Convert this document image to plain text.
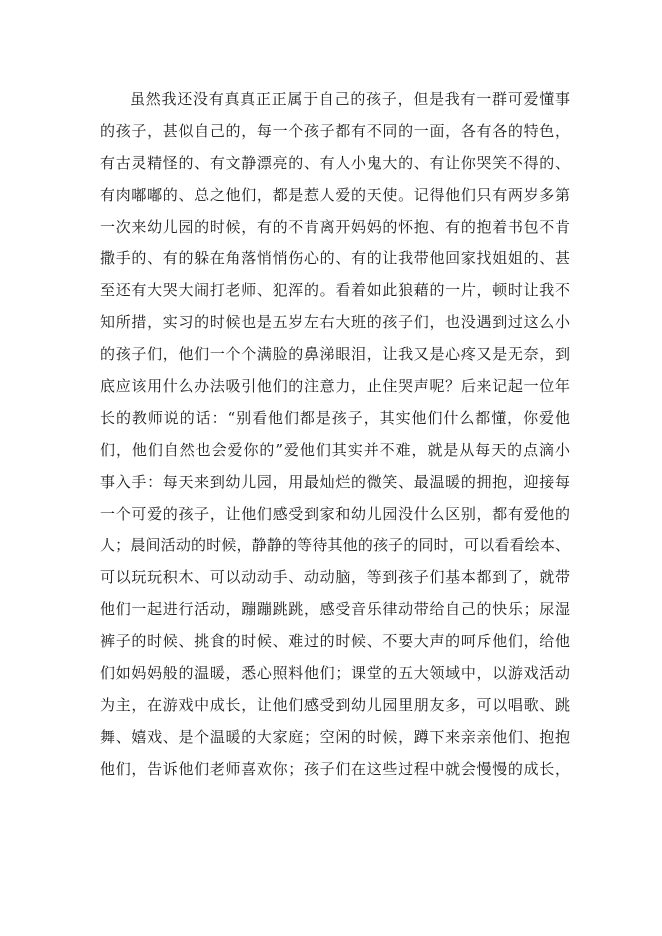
虽然我还没有真真正正属于自己的孩子，但是我有一群可爱懂事
的孩子，甚似自己的，每一个孩子都有不同的一面，各有各的特色，
有古灵精怪的、有文静漂亮的、有人小鬼大的、有让你哭笑不得的、
有肉嘟嘟的、总之他们，都是惹人爱的天使。记得他们只有两岁多第
一次来幼儿园的时候，有的不肯离开妈妈的怀抱、有的抱着书包不肯
撒手的、有的躲在角落悄悄伤心的、有的让我带他回家找姐姐的、甚
至还有大哭大闹打老师、犯浑的。看着如此狼藉的一片，顿时让我不
知所措，实习的时候也是五岁左右大班的孩子们，也没遇到过这么小
的孩子们，他们一个个满脸的鼻涕眼泪，让我又是心疼又是无奈，到
底应该用什么办法吸引他们的注意力，止住哭声呢？后来记起一位年
长的教师说的话：“别看他们都是孩子，其实他们什么都懂，你爱他
们，他们自然也会爱你的”爱他们其实并不难，就是从每天的点滴小
事入手：每天来到幼儿园，用最灿烂的微笑、最温暖的拥抱，迎接每
一个可爱的孩子，让他们感受到家和幼儿园没什么区别，都有爱他的
人；晨间活动的时候，静静的等待其他的孩子的同时，可以看看绘本、
可以玩玩积木、可以动动手、动动脑，等到孩子们基本都到了，就带
他们一起进行活动，蹦蹦跳跳，感受音乐律动带给自己的快乐；尿湿
裤子的时候、挑食的时候、难过的时候、不要大声的呵斥他们，给他
们如妈妈般的温暖，悉心照料他们；课堂的五大领域中，以游戏活动
为主，在游戏中成长，让他们感受到幼儿园里朋友多，可以唱歌、跳
舞、嬉戏、是个温暖的大家庭；空闲的时候，蹲下来亲亲他们、抱抱
他们，告诉他们老师喜欢你；孩子们在这些过程中就会慢慢的成长，
